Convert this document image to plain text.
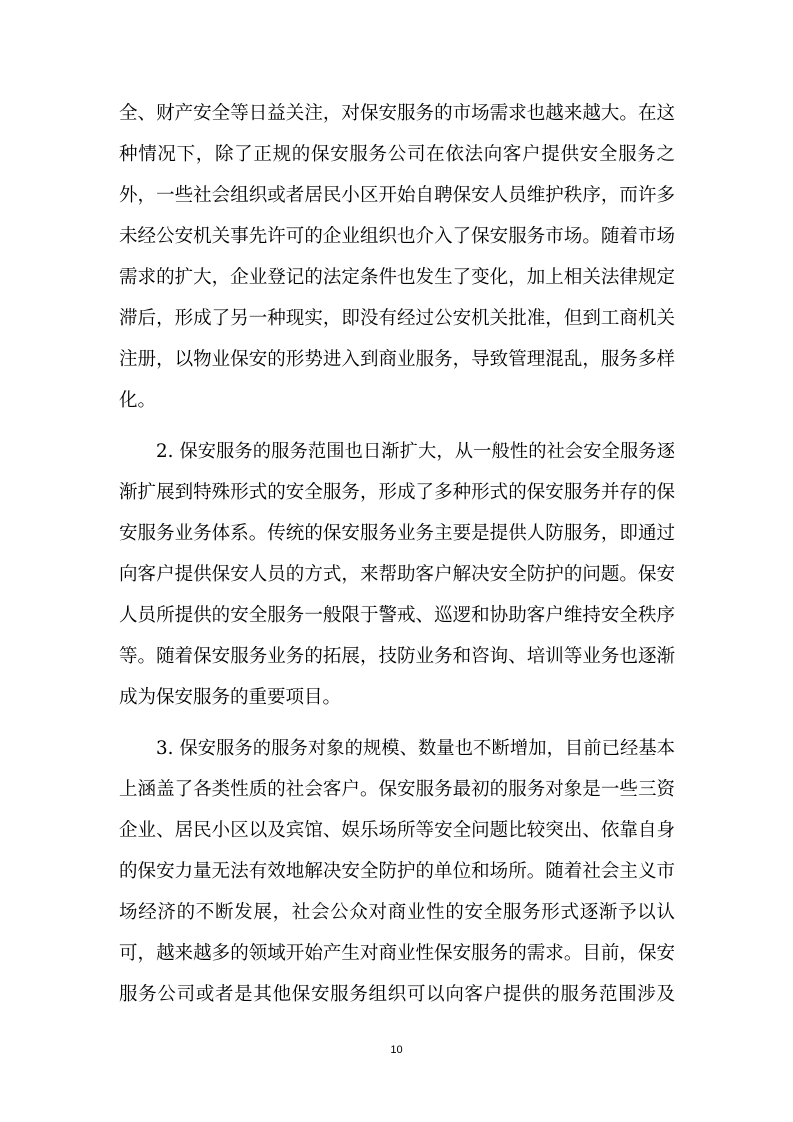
全、财产安全等日益关注，对保安服务的市场需求也越来越大。在这
种情况下，除了正规的保安服务公司在依法向客户提供安全服务之
外，一些社会组织或者居民小区开始自聘保安人员维护秩序，而许多
未经公安机关事先许可的企业组织也介入了保安服务市场。随着市场
需求的扩大，企业登记的法定条件也发生了变化，加上相关法律规定
滞后，形成了另一种现实，即没有经过公安机关批准，但到工商机关
注册，以物业保安的形势进入到商业服务，导致管理混乱，服务多样
化。
2. 保安服务的服务范围也日渐扩大，从一般性的社会安全服务逐
渐扩展到特殊形式的安全服务，形成了多种形式的保安服务并存的保
安服务业务体系。传统的保安服务业务主要是提供人防服务，即通过
向客户提供保安人员的方式，来帮助客户解决安全防护的问题。保安
人员所提供的安全服务一般限于警戒、巡逻和协助客户维持安全秩序
等。随着保安服务业务的拓展，技防业务和咨询、培训等业务也逐渐
成为保安服务的重要项目。
3. 保安服务的服务对象的规模、数量也不断增加，目前已经基本
上涵盖了各类性质的社会客户。保安服务最初的服务对象是一些三资
企业、居民小区以及宾馆、娱乐场所等安全问题比较突出、依靠自身
的保安力量无法有效地解决安全防护的单位和场所。随着社会主义市
场经济的不断发展，社会公众对商业性的安全服务形式逐渐予以认
可，越来越多的领域开始产生对商业性保安服务的需求。目前，保安
服务公司或者是其他保安服务组织可以向客户提供的服务范围涉及
10
